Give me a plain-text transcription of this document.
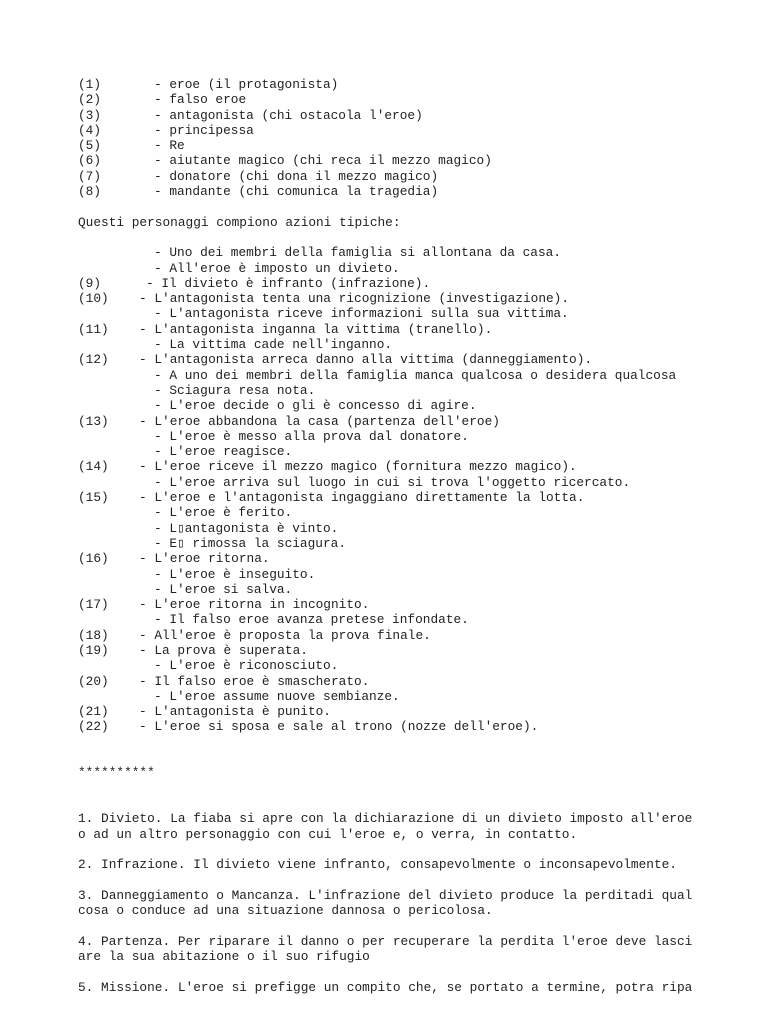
(1)	- eroe (il protagonista)
(2)	- falso eroe
(3)	- antagonista (chi ostacola l'eroe)
(4)	- principessa
(5)	- Re
(6)	- aiutante magico (chi reca il mezzo magico)
(7)	- donatore (chi dona il mezzo magico)
(8)	- mandante (chi comunica la tragedia)
Questi personaggi compiono azioni tipiche:
- Uno dei membri della famiglia si allontana da casa.
- All'eroe è imposto un divieto.
(9)	- Il divieto è infranto (infrazione).
(10) - L'antagonista tenta una ricognizione (investigazione).
- L'antagonista riceve informazioni sulla sua vittima.
(11) - L'antagonista inganna la vittima (tranello).
- La vittima cade nell'inganno.
(12) - L'antagonista arreca danno alla vittima (danneggiamento).
- A uno dei membri della famiglia manca qualcosa o desidera qualcosa
- Sciagura resa nota.
- L'eroe decide o gli è concesso di agire.
(13) - L'eroe abbandona la casa (partenza dell'eroe)
- L'eroe è messo alla prova dal donatore.
- L'eroe reagisce.
(14) - L'eroe riceve il mezzo magico (fornitura mezzo magico).
- L'eroe arriva sul luogo in cui si trova l'oggetto ricercato.
(15) - L'eroe e l'antagonista ingaggiano direttamente la lotta.
- L'eroe è ferito.
- L▯antagonista è vinto.
- E▯ rimossa la sciagura.
(16) - L'eroe ritorna.
- L'eroe è inseguito.
- L'eroe si salva.
(17) - L'eroe ritorna in incognito.
- Il falso eroe avanza pretese infondate.
(18) - All'eroe è proposta la prova finale.
(19) - La prova è superata.
- L'eroe è riconosciuto.
(20) - Il falso eroe è smascherato.
- L'eroe assume nuove sembianze.
(21) - L'antagonista è punito.
(22) - L'eroe si sposa e sale al trono (nozze dell'eroe).
**********

1. Divieto. La fiaba si apre con la dichiarazione di un divieto imposto all'eroe o ad un altro personaggio con cui l'eroe e, o verra, in contatto.

2. Infrazione. Il divieto viene infranto, consapevolmente o inconsapevolmente.

3. Danneggiamento o Mancanza. L'infrazione del divieto produce la perditadi qualcosa o conduce ad una situazione dannosa o pericolosa.

4. Partenza. Per riparare il danno o per recuperare la perdita l'eroe deve lasciare la sua abitazione o il suo rifugio

5. Missione. L'eroe si prefigge un compito che, se portato a termine, potra ripa
